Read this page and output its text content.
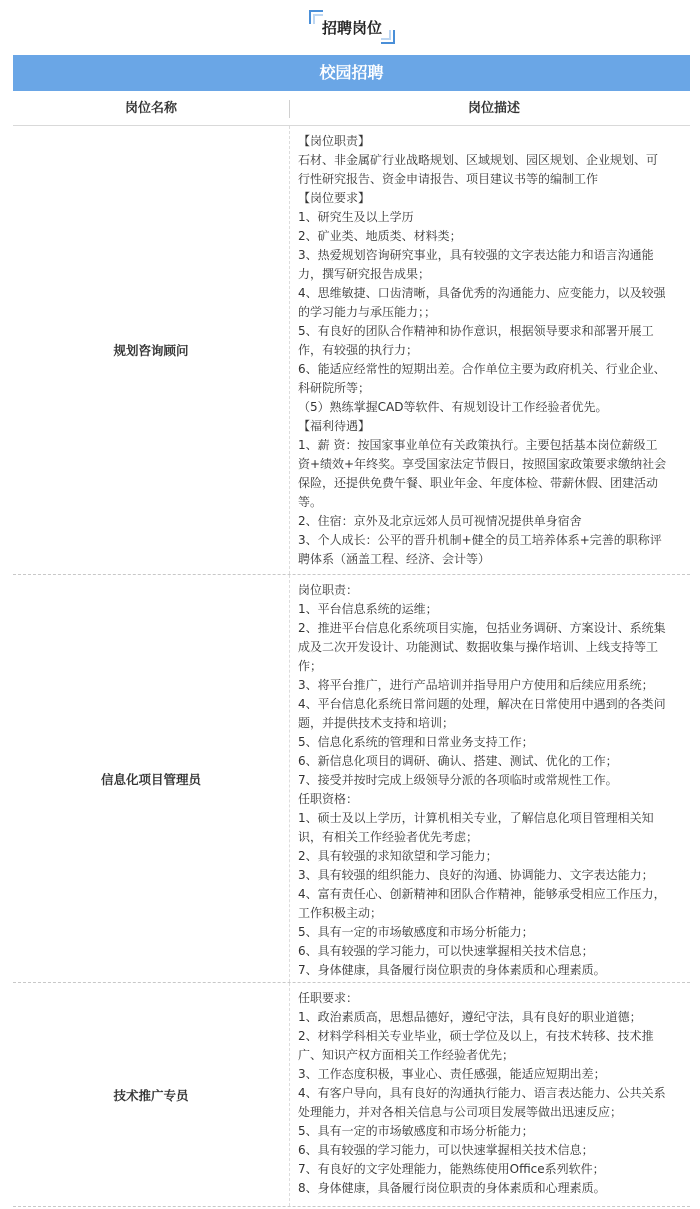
招聘岗位
校园招聘
岗位名称	岗位描述
规划咨询顾问
【岗位职责】
石材、非金属矿行业战略规划、区域规划、园区规划、企业规划、可
行性研究报告、资金申请报告、项目建议书等的编制工作
【岗位要求】
1、研究生及以上学历
2、矿业类、地质类、材料类；
3、热爱规划咨询研究事业，具有较强的文字表达能力和语言沟通能
力，撰写研究报告成果；
4、思维敏捷、口齿清晰，具备优秀的沟通能力、应变能力，以及较强
的学习能力与承压能力；；
5、有良好的团队合作精神和协作意识，根据领导要求和部署开展工
作，有较强的执行力；
6、能适应经常性的短期出差。合作单位主要为政府机关、行业企业、
科研院所等；
（5）熟练掌握CAD等软件、有规划设计工作经验者优先。
【福利待遇】
1、薪 资：按国家事业单位有关政策执行。主要包括基本岗位薪级工
资+绩效+年终奖。享受国家法定节假日，按照国家政策要求缴纳社会
保险，还提供免费午餐、职业年金、年度体检、带薪休假、团建活动
等。
2、住宿：京外及北京远郊人员可视情况提供单身宿舍
3、个人成长：公平的晋升机制+健全的员工培养体系+完善的职称评
聘体系（涵盖工程、经济、会计等）
信息化项目管理员
岗位职责：
1、平台信息系统的运维；
2、推进平台信息化系统项目实施，包括业务调研、方案设计、系统集
成及二次开发设计、功能测试、数据收集与操作培训、上线支持等工
作；
3、将平台推广，进行产品培训并指导用户方使用和后续应用系统；
4、平台信息化系统日常问题的处理，解决在日常使用中遇到的各类问
题，并提供技术支持和培训；
5、信息化系统的管理和日常业务支持工作；
6、新信息化项目的调研、确认、搭建、测试、优化的工作；
7、接受并按时完成上级领导分派的各项临时或常规性工作。
任职资格：
1、硕士及以上学历，计算机相关专业，了解信息化项目管理相关知
识，有相关工作经验者优先考虑；
2、具有较强的求知欲望和学习能力；
3、具有较强的组织能力、良好的沟通、协调能力、文字表达能力；
4、富有责任心、创新精神和团队合作精神，能够承受相应工作压力，
工作积极主动；
5、具有一定的市场敏感度和市场分析能力；
6、具有较强的学习能力，可以快速掌握相关技术信息；
7、身体健康，具备履行岗位职责的身体素质和心理素质。
技术推广专员
任职要求：
1、政治素质高，思想品德好，遵纪守法，具有良好的职业道德；
2、材料学科相关专业毕业，硕士学位及以上，有技术转移、技术推
广、知识产权方面相关工作经验者优先；
3、工作态度积极，事业心、责任感强，能适应短期出差；
4、有客户导向，具有良好的沟通执行能力、语言表达能力、公共关系
处理能力，并对各相关信息与公司项目发展等做出迅速反应；
5、具有一定的市场敏感度和市场分析能力；
6、具有较强的学习能力，可以快速掌握相关技术信息；
7、有良好的文字处理能力，能熟练使用Office系列软件；
8、身体健康，具备履行岗位职责的身体素质和心理素质。
